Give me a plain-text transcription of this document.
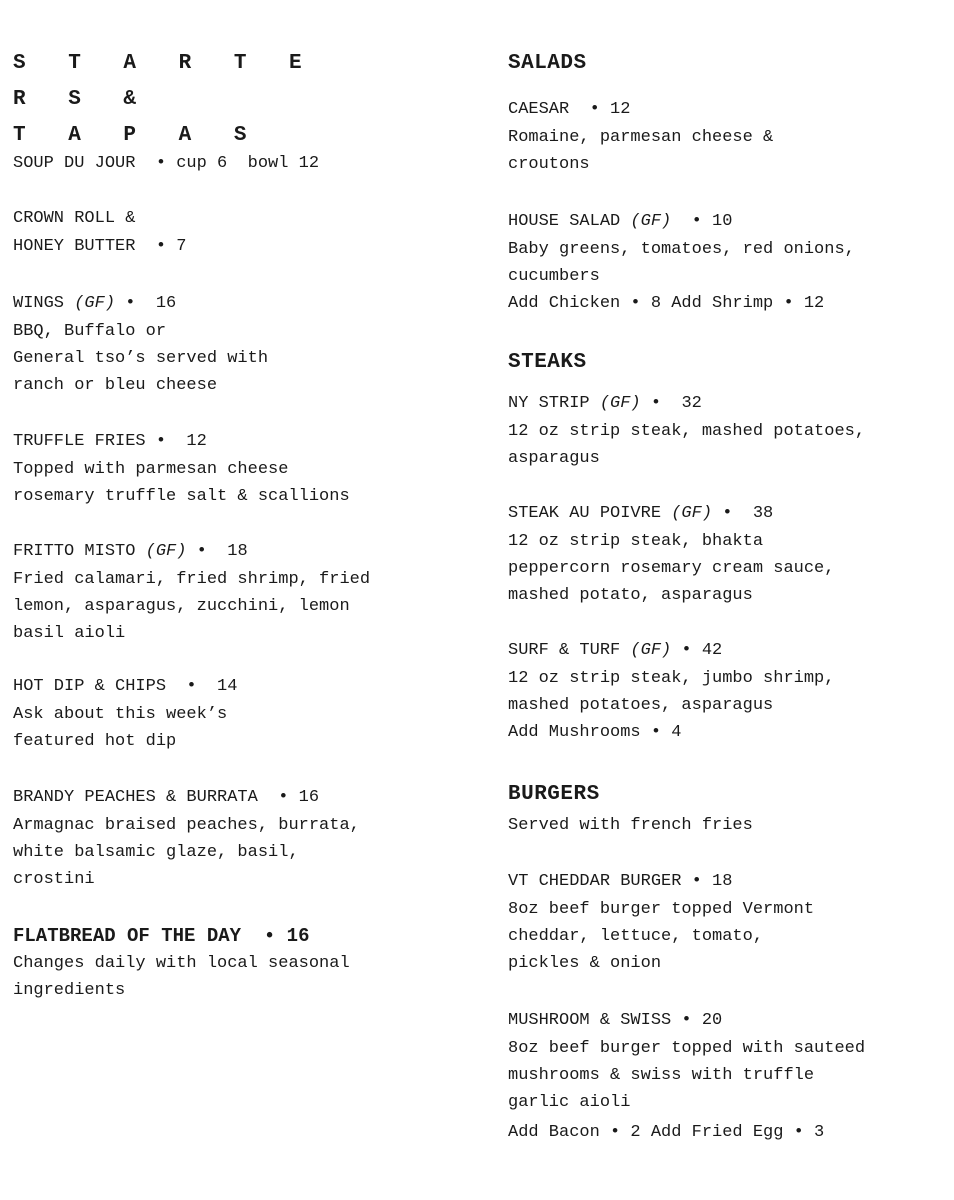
S T A R T E R S &
T A P A S
SOUP DU JOUR  • cup 6  bowl 12
CROWN ROLL &
HONEY BUTTER  • 7
WINGS (GF) •  16
BBQ, Buffalo or
General tso’s served with
ranch or bleu cheese
TRUFFLE FRIES •  12
Topped with parmesan cheese
rosemary truffle salt & scallions
FRITTO MISTO (GF) •  18
Fried calamari, fried shrimp, fried
lemon, asparagus, zucchini, lemon
basil aioli
HOT DIP & CHIPS  •  14
Ask about this week’s
featured hot dip
BRANDY PEACHES & BURRATA  • 16
Armagnac braised peaches, burrata,
white balsamic glaze, basil,
crostini
FLATBREAD OF THE DAY  • 16
Changes daily with local seasonal
ingredients
SALADS
CAESAR  • 12
Romaine, parmesan cheese &
croutons
HOUSE SALAD (GF)  • 10
Baby greens, tomatoes, red onions,
cucumbers
Add Chicken • 8 Add Shrimp • 12
STEAKS
NY STRIP (GF) •  32
12 oz strip steak, mashed potatoes,
asparagus
STEAK AU POIVRE (GF) •  38
12 oz strip steak, bhakta
peppercorn rosemary cream sauce,
mashed potato, asparagus
SURF & TURF (GF) • 42
12 oz strip steak, jumbo shrimp,
mashed potatoes, asparagus
Add Mushrooms • 4
BURGERS
Served with french fries
VT CHEDDAR BURGER • 18
8oz beef burger topped Vermont
cheddar, lettuce, tomato,
pickles & onion
MUSHROOM & SWISS • 20
8oz beef burger topped with sauteed
mushrooms & swiss with truffle
garlic aioli
Add Bacon • 2 Add Fried Egg • 3
